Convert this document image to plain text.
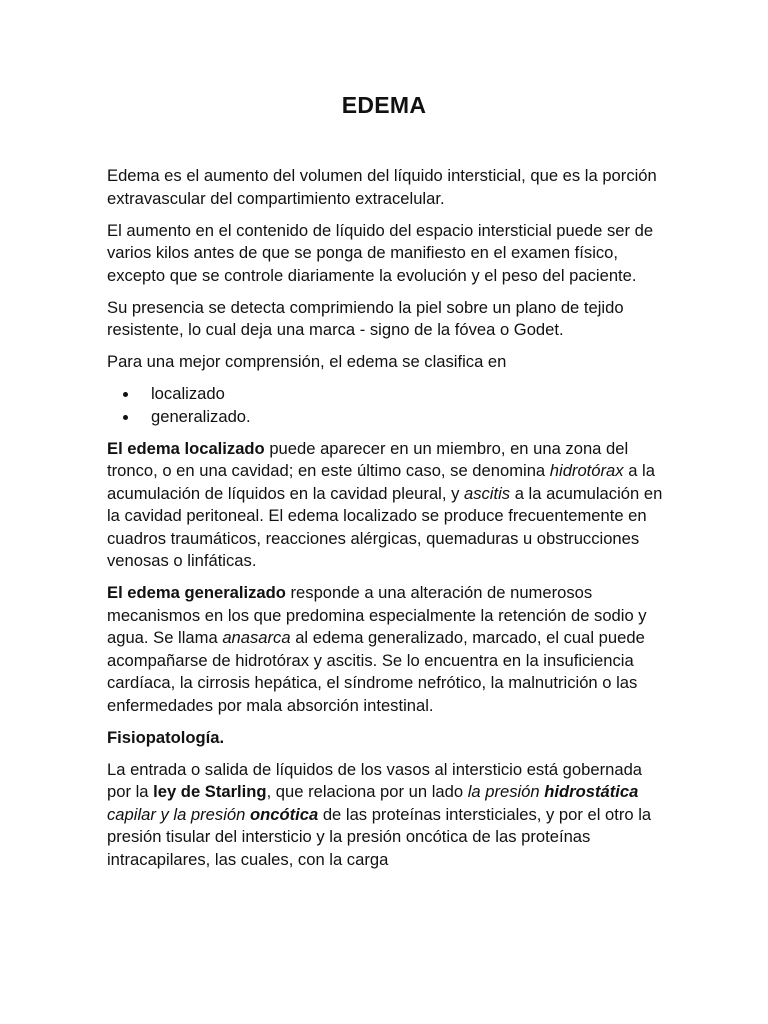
EDEMA

Edema es el aumento del volumen del líquido intersticial, que es la porción extravascular del compartimiento extracelular.

El aumento en el contenido de líquido del espacio intersticial puede ser de varios kilos antes de que se ponga de manifiesto en el examen físico, excepto que se controle diariamente la evolución y el peso del paciente.

Su presencia se detecta comprimiendo la piel sobre un plano de tejido resistente, lo cual deja una marca - signo de la fóvea o Godet.

Para una mejor comprensión, el edema se clasifica en

localizado
generalizado.

El edema localizado puede aparecer en un miembro, en una zona del tronco, o en una cavidad; en este último caso, se denomina hidrotórax a la acumulación de líquidos en la cavidad pleural, y ascitis a la acumulación en la cavidad peritoneal. El edema localizado se produce frecuentemente en cuadros traumáticos, reacciones alérgicas, quemaduras u obstrucciones venosas o linfáticas.

El edema generalizado responde a una alteración de numerosos mecanismos en los que predomina especialmente la retención de sodio y agua. Se llama anasarca al edema generalizado, marcado, el cual puede acompañarse de hidrotórax y ascitis. Se lo encuentra en la insuficiencia cardíaca, la cirrosis hepática, el síndrome nefrótico, la malnutrición o las enfermedades por mala absorción intestinal.

Fisiopatología.

La entrada o salida de líquidos de los vasos al intersticio está gobernada por la ley de Starling, que relaciona por un lado la presión hidrostática capilar y la presión oncótica de las proteínas intersticiales, y por el otro la presión tisular del intersticio y la presión oncótica de las proteínas intracapilares, las cuales, con la carga
